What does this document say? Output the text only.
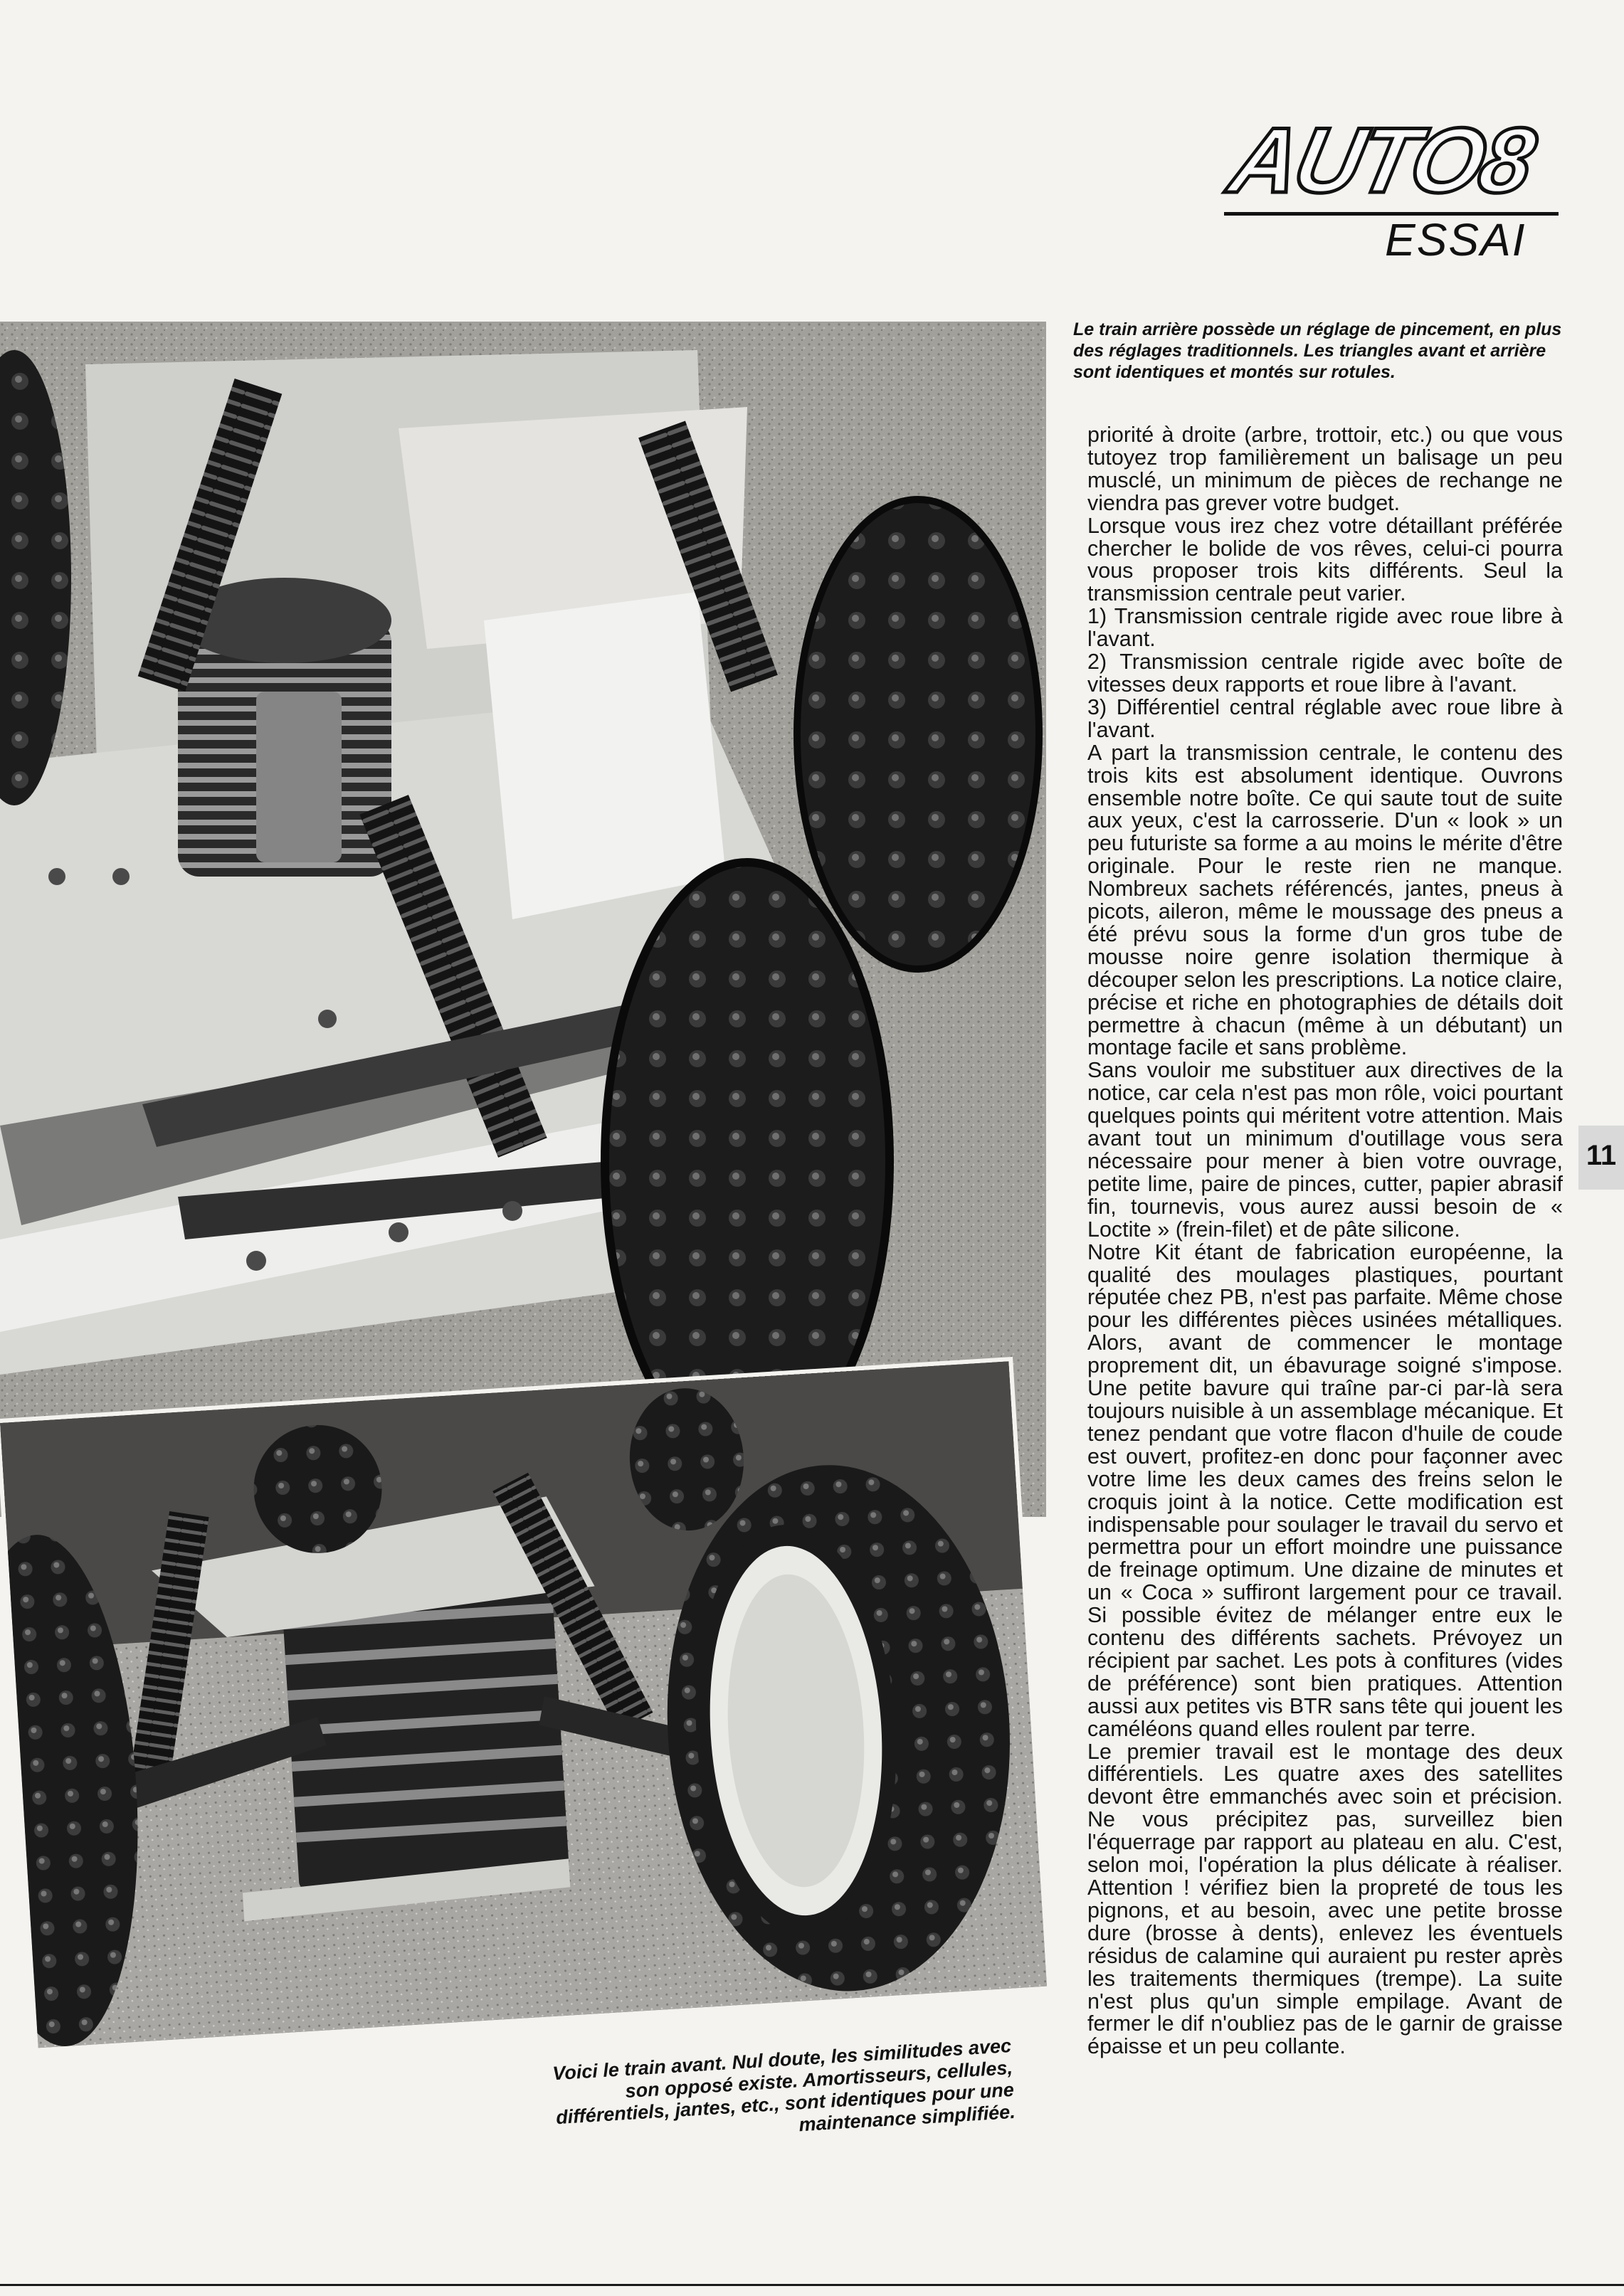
AUTO8
ESSAI
Le train arrière possède un réglage de pincement, en plus des réglages traditionnels. Les triangles avant et arrière sont identiques et montés sur rotules.
Voici le train avant. Nul doute, les similitudes avec son opposé existe. Amortisseurs, cellules, différentiels, jantes, etc., sont identiques pour une maintenance simplifiée.

priorité à droite (arbre, trottoir, etc.) ou que vous tutoyez trop familièrement un balisage un peu musclé, un minimum de pièces de rechange ne viendra pas grever votre budget.

Lorsque vous irez chez votre détaillant préférée chercher le bolide de vos rêves, celui-ci pourra vous proposer trois kits différents. Seul la transmission centrale peut varier.

1) Transmission centrale rigide avec roue libre à l'avant.

2) Transmission centrale rigide avec boîte de vitesses deux rapports et roue libre à l'avant.

3) Différentiel central réglable avec roue libre à l'avant.

A part la transmission centrale, le contenu des trois kits est absolument identique. Ouvrons ensemble notre boîte. Ce qui saute tout de suite aux yeux, c'est la carrosserie. D'un « look » un peu futuriste sa forme a au moins le mérite d'être originale. Pour le reste rien ne manque. Nombreux sachets référencés, jantes, pneus à picots, aileron, même le moussage des pneus a été prévu sous la forme d'un gros tube de mousse noire genre isolation thermique à découper selon les prescriptions. La notice claire, précise et riche en photographies de détails doit permettre à chacun (même à un débutant) un montage facile et sans problème.

Sans vouloir me substituer aux directives de la notice, car cela n'est pas mon rôle, voici pourtant quelques points qui méritent votre attention. Mais avant tout un minimum d'outillage vous sera nécessaire pour mener à bien votre ouvrage, petite lime, paire de pinces, cutter, papier abrasif fin, tournevis, vous aurez aussi besoin de « Loctite » (frein-filet) et de pâte silicone.

Notre Kit étant de fabrication européenne, la qualité des moulages plastiques, pourtant réputée chez PB, n'est pas parfaite. Même chose pour les différentes pièces usinées métalliques. Alors, avant de commencer le montage proprement dit, un ébavurage soigné s'impose. Une petite bavure qui traîne par-ci par-là sera toujours nuisible à un assemblage mécanique. Et tenez pendant que votre flacon d'huile de coude est ouvert, profitez-en donc pour façonner avec votre lime les deux cames des freins selon le croquis joint à la notice. Cette modification est indispensable pour soulager le travail du servo et permettra pour un effort moindre une puissance de freinage optimum. Une dizaine de minutes et un « Coca » suffiront largement pour ce travail. Si possible évitez de mélanger entre eux le contenu des différents sachets. Prévoyez un récipient par sachet. Les pots à confitures (vides de préférence) sont bien pratiques. Attention aussi aux petites vis BTR sans tête qui jouent les caméléons quand elles roulent par terre.

Le premier travail est le montage des deux différentiels. Les quatre axes des satellites devont être emmanchés avec soin et précision. Ne vous précipitez pas, surveillez bien l'équerrage par rapport au plateau en alu. C'est, selon moi, l'opération la plus délicate à réaliser. Attention ! vérifiez bien la propreté de tous les pignons, et au besoin, avec une petite brosse dure (brosse à dents), enlevez les éventuels résidus de calamine qui auraient pu rester après les traitements thermiques (trempe). La suite n'est plus qu'un simple empilage. Avant de fermer le dif n'oubliez pas de le garnir de graisse épaisse et un peu collante.

11
